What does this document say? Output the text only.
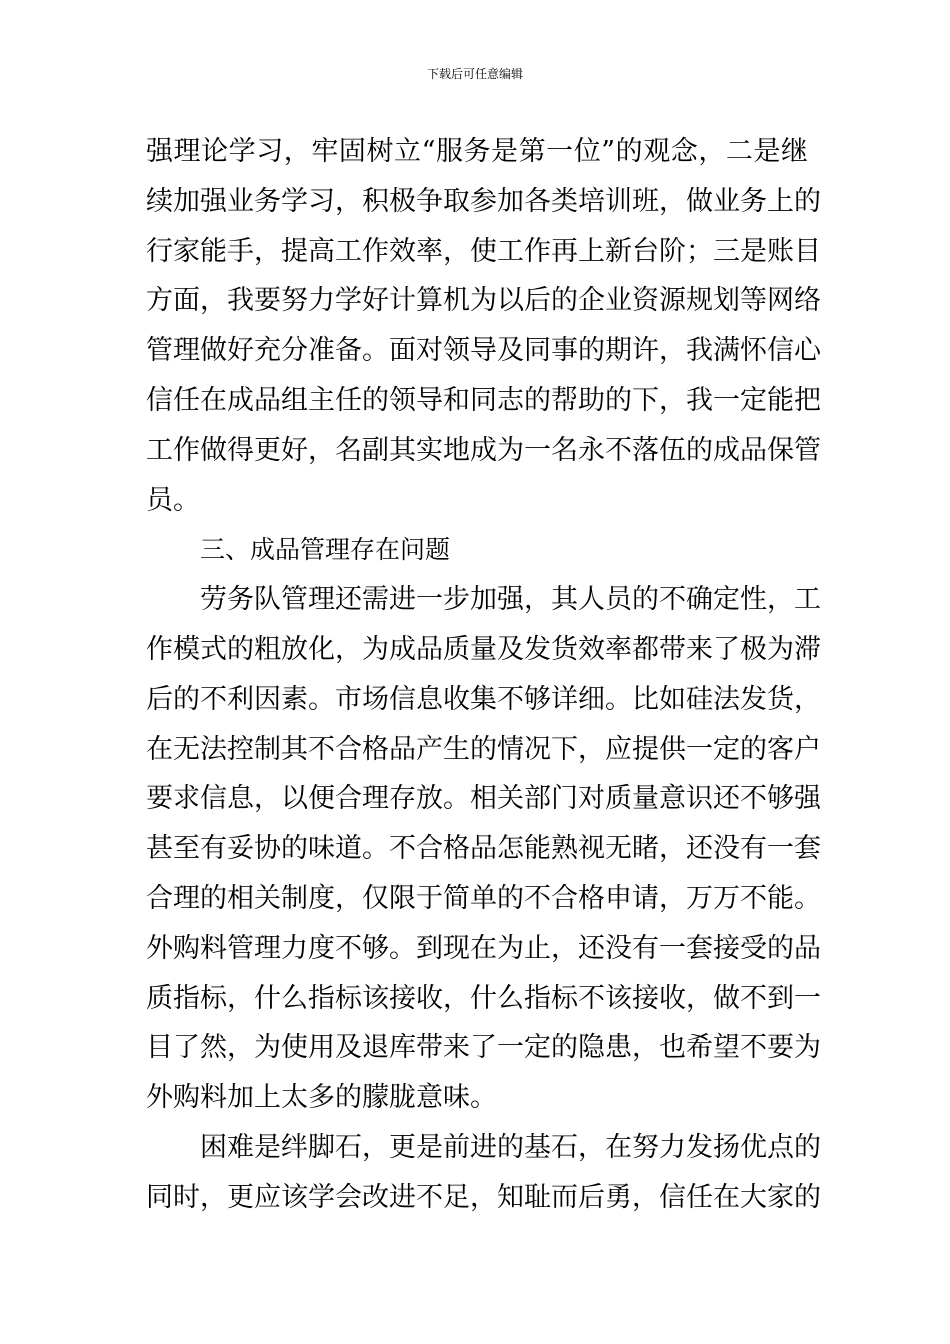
下载后可任意编辑
强理论学习，牢固树立“服务是第一位”的观念，二是继
续加强业务学习，积极争取参加各类培训班，做业务上的
行家能手，提高工作效率，使工作再上新台阶；三是账目
方面，我要努力学好计算机为以后的企业资源规划等网络
管理做好充分准备。面对领导及同事的期许，我满怀信心
信任在成品组主任的领导和同志的帮助的下，我一定能把
工作做得更好，名副其实地成为一名永不落伍的成品保管
员。
三、成品管理存在问题
劳务队管理还需进一步加强，其人员的不确定性，工
作模式的粗放化，为成品质量及发货效率都带来了极为滞
后的不利因素。市场信息收集不够详细。比如硅法发货，
在无法控制其不合格品产生的情况下，应提供一定的客户
要求信息，以便合理存放。相关部门对质量意识还不够强
甚至有妥协的味道。不合格品怎能熟视无睹，还没有一套
合理的相关制度，仅限于简单的不合格申请，万万不能。
外购料管理力度不够。到现在为止，还没有一套接受的品
质指标，什么指标该接收，什么指标不该接收，做不到一
目了然，为使用及退库带来了一定的隐患，也希望不要为
外购料加上太多的朦胧意味。
困难是绊脚石，更是前进的基石，在努力发扬优点的
同时，更应该学会改进不足，知耻而后勇，信任在大家的
